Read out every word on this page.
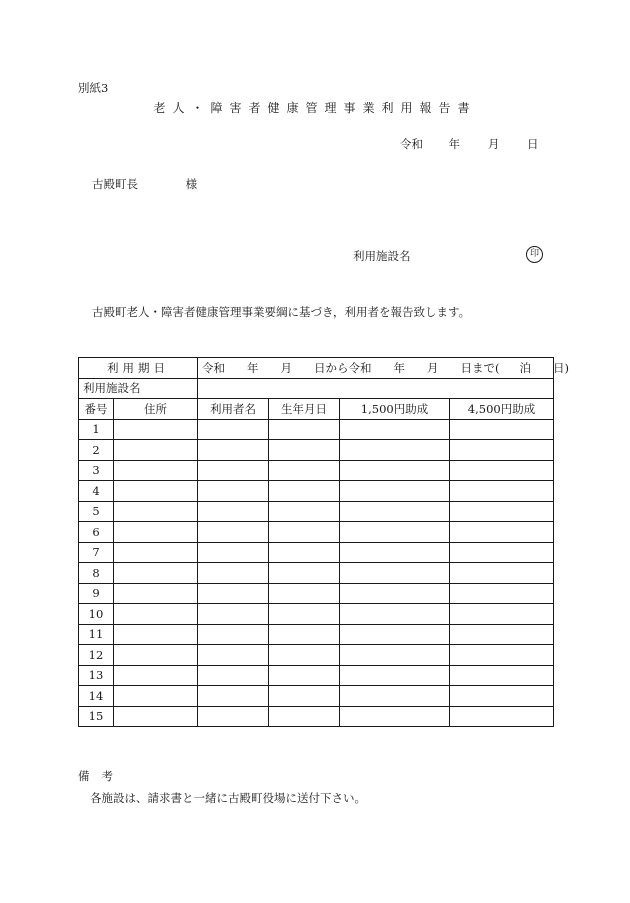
別紙3
老人・障害者健康管理事業利用報告書
令和 年 月 日
古殿町長	様
利用施設名	印
古殿町老人・障害者健康管理事業要綱に基づき，利用者を報告致します。
利用期日		令和 年 月 日から令和 年 月 日まで( 泊 日)			
利用施設名					
番号	住所	利用者名	生年月日	1,500円助成	4,500円助成
1					
2					
3					
4					
5					
6					
7					
8					
9					
10					
11					
12					
13					
14					
15					
備考
各施設は、請求書と一緒に古殿町役場に送付下さい。
